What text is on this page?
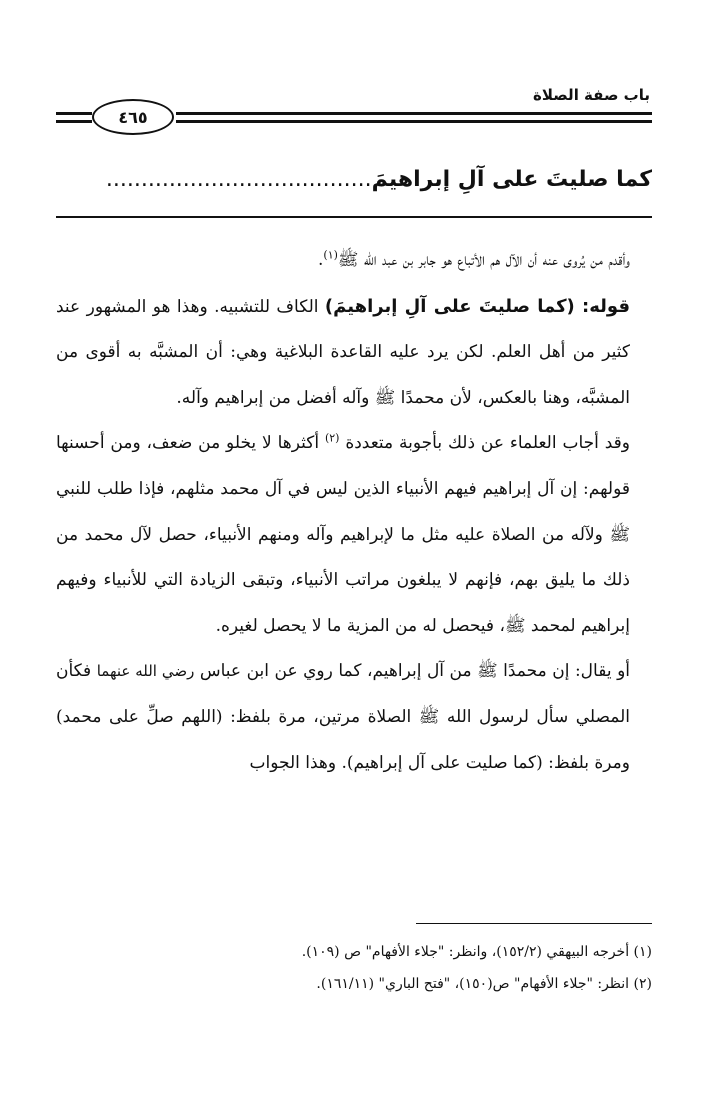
باب صفة الصلاة
٤٦٥
كما صليتَ على آلِ إبراهيمَ......................................

وأقدم من يُروى عنه أن الآل هم الأتباع هو جابر بن عبد الله ﷺ$^{(١)}$.

قوله: (كما صليتَ على آلِ إبراهيمَ) الكاف للتشبيه. وهذا هو المشهور عند كثير من أهل العلم. لكن يرد عليه القاعدة البلاغية وهي: أن المشبَّه به أقوى من المشبَّه، وهنا بالعكس، لأن محمدًا ﷺ وآله أفضل من إبراهيم وآله.

وقد أجاب العلماء عن ذلك بأجوبة متعددة $^{(٢)}$ أكثرها لا يخلو من ضعف، ومن أحسنها قولهم: إن آل إبراهيم فيهم الأنبياء الذين ليس في آل محمد مثلهم، فإذا طلب للنبي ﷺ ولآله من الصلاة عليه مثل ما لإبراهيم وآله ومنهم الأنبياء، حصل لآل محمد من ذلك ما يليق بهم، فإنهم لا يبلغون مراتب الأنبياء، وتبقى الزيادة التي للأنبياء وفيهم إبراهيم لمحمد ﷺ، فيحصل له من المزية ما لا يحصل لغيره.

أو يقال: إن محمدًا ﷺ من آل إبراهيم، كما روي عن ابن عباس رضي الله عنهما فكأن المصلي سأل لرسول الله ﷺ الصلاة مرتين، مرة بلفظ: (اللهم صلِّ على محمد) ومرة بلفظ: (كما صليت على آل إبراهيم). وهذا الجواب

(١) أخرجه البيهقي (١٥٢/٢)، وانظر: "جلاء الأفهام" ص (١٠٩).

(٢) انظر: "جلاء الأفهام" ص(١٥٠)، "فتح الباري" (١٦١/١١).
